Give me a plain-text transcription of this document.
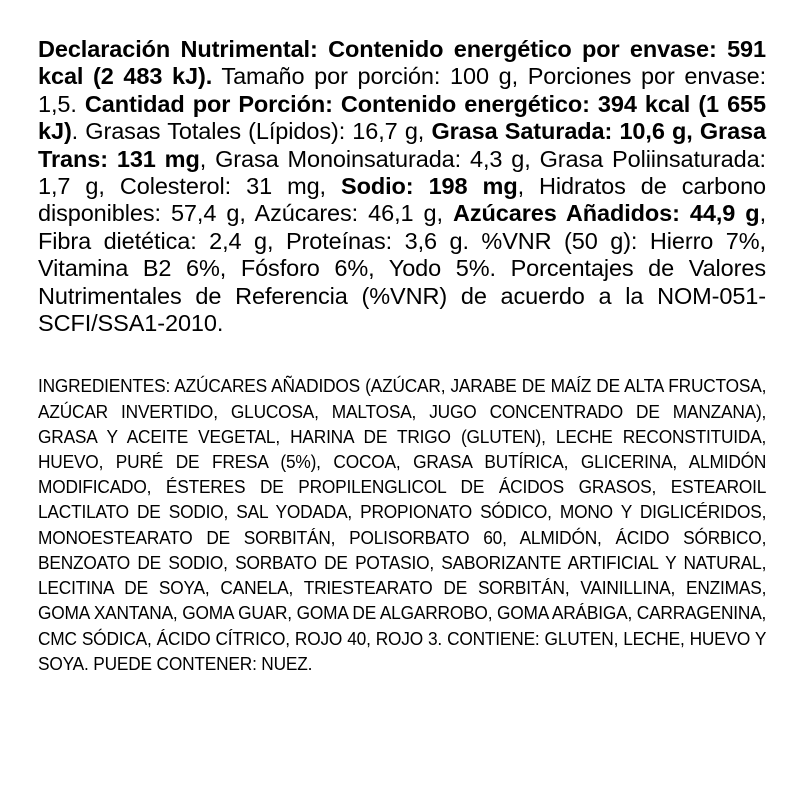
Declaración Nutrimental: Contenido energético por envase: 591 kcal (2 483 kJ). Tamaño por porción: 100 g, Porciones por envase: 1,5. Cantidad por Porción: Contenido energético: 394 kcal (1 655 kJ). Grasas Totales (Lípidos): 16,7 g, Grasa Saturada: 10,6 g, Grasa Trans: 131 mg, Grasa Monoinsaturada: 4,3 g, Grasa Poliinsaturada: 1,7 g, Colesterol: 31 mg, Sodio: 198 mg, Hidratos de carbono disponibles: 57,4 g, Azúcares: 46,1 g, Azúcares Añadidos: 44,9 g, Fibra dietética: 2,4 g, Proteínas: 3,6 g. %VNR (50 g): Hierro 7%, Vitamina B2 6%, Fósforo 6%, Yodo 5%. Porcentajes de Valores Nutrimentales de Referencia (%VNR) de acuerdo a la NOM-051-SCFI/SSA1-2010.

INGREDIENTES: AZÚCARES AÑADIDOS (AZÚCAR, JARABE DE MAÍZ DE ALTA FRUCTOSA, AZÚCAR INVERTIDO, GLUCOSA, MALTOSA, JUGO CONCENTRADO DE MANZANA), GRASA Y ACEITE VEGETAL, HARINA DE TRIGO (GLUTEN), LECHE RECONSTITUIDA, HUEVO, PURÉ DE FRESA (5%), COCOA, GRASA BUTÍRICA, GLICERINA, ALMIDÓN MODIFICADO, ÉSTERES DE PROPILENGLICOL DE ÁCIDOS GRASOS, ESTEAROIL LACTILATO DE SODIO, SAL YODADA, PROPIONATO SÓDICO, MONO Y DIGLICÉRIDOS, MONOESTEARATO DE SORBITÁN, POLISORBATO 60, ALMIDÓN, ÁCIDO SÓRBICO, BENZOATO DE SODIO, SORBATO DE POTASIO, SABORIZANTE ARTIFICIAL Y NATURAL, LECITINA DE SOYA, CANELA, TRIESTEARATO DE SORBITÁN, VAINILLINA, ENZIMAS, GOMA XANTANA, GOMA GUAR, GOMA DE ALGARROBO, GOMA ARÁBIGA, CARRAGENINA, CMC SÓDICA, ÁCIDO CÍTRICO, ROJO 40, ROJO 3. CONTIENE: GLUTEN, LECHE, HUEVO Y SOYA. PUEDE CONTENER: NUEZ.
